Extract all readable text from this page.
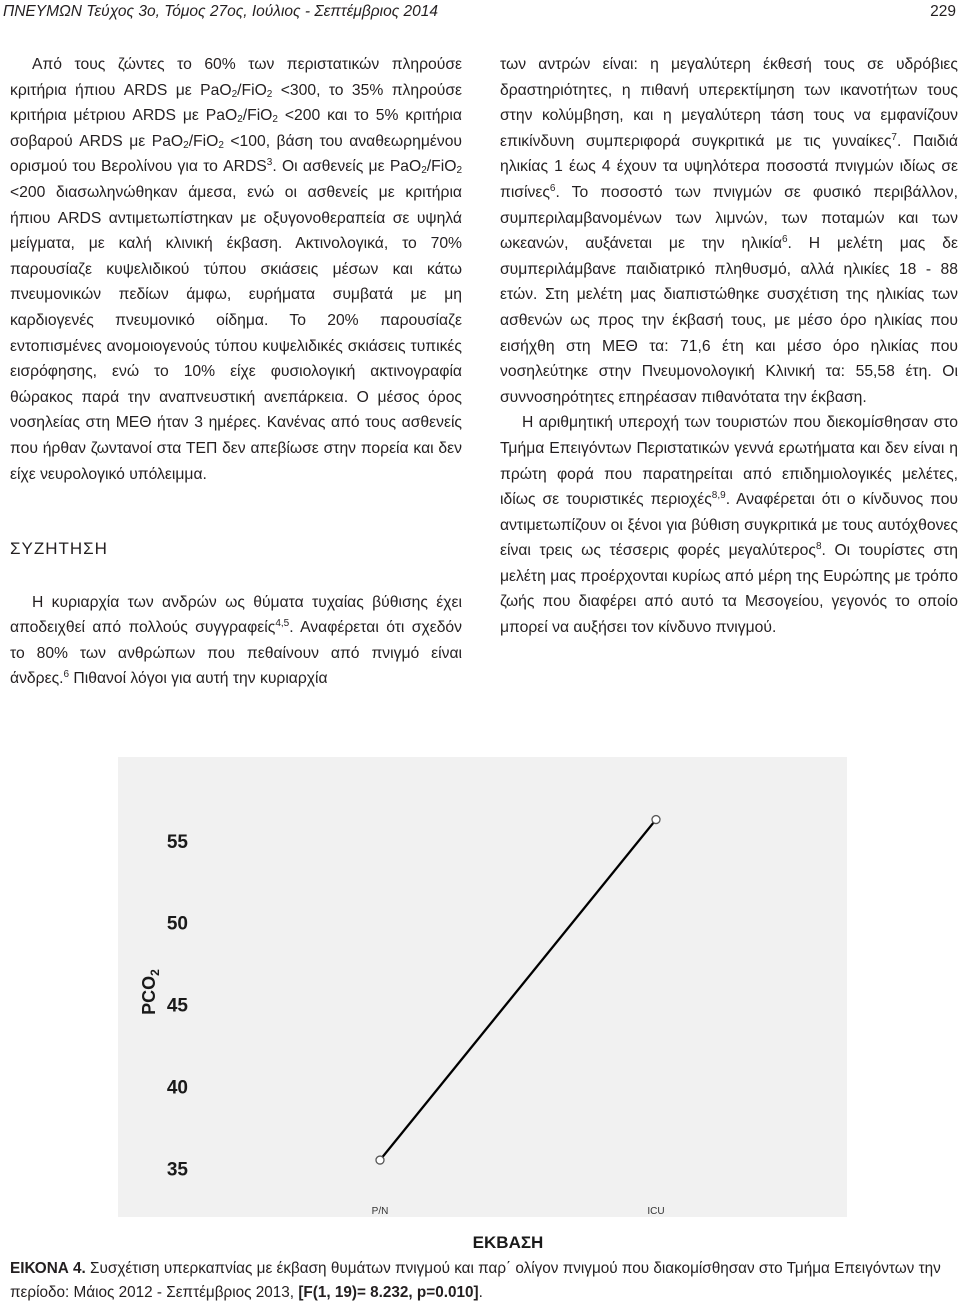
ΠΝΕΥΜΩΝ Τεύχος 3ο, Τόμος 27ος, Ιούλιος - Σεπτέμβριος 2014	229

Από τους ζώντες το 60% των περιστατικών πληρούσε κριτήρια ήπιου ARDS με PaO$_2$/FiO$_2$ <300, το 35% πληρούσε κριτήρια μέτριου ARDS με PaO$_2$/FiO$_2$ <200 και το 5% κριτήρια σοβαρού ARDS με PaO$_2$/FiO$_2$ <100, βάση του αναθεωρημένου ορισμού του Βερολίνου για το ARDS$^3$. Οι ασθενείς με PaO$_2$/FiO$_2$ <200 διασωληνώθηκαν άμεσα, ενώ οι ασθενείς με κριτήρια ήπιου ARDS αντιμετωπίστηκαν με οξυγονοθεραπεία σε υψηλά μείγματα, με καλή κλινική έκβαση. Ακτινολογικά, το 70% παρουσίαζε κυψελιδικού τύπου σκιάσεις μέσων και κάτω πνευμονικών πεδίων άμφω, ευρήματα συμβατά με μη καρδιογενές πνευμονικό οίδημα. Το 20% παρουσίαζε εντοπισμένες ανομοιογενούς τύπου κυψελιδικές σκιάσεις τυπικές εισρόφησης, ενώ το 10% είχε φυσιολογική ακτινογραφία θώρακος παρά την αναπνευστική ανεπάρκεια. Ο μέσος όρος νοσηλείας στη ΜΕΘ ήταν 3 ημέρες. Κανένας από τους ασθενείς που ήρθαν ζωντανοί στα ΤΕΠ δεν απεβίωσε στην πορεία και δεν είχε νευρολογικό υπόλειμμα.

ΣΥΖΗΤΗΣΗ

Η κυριαρχία των ανδρών ως θύματα τυχαίας βύθισης έχει αποδειχθεί από πολλούς συγγραφείς$^{4,5}$. Αναφέρεται ότι σχεδόν το 80% των ανθρώπων που πεθαίνουν από πνιγμό είναι άνδρες.$^6$ Πιθανοί λόγοι για αυτή την κυριαρχία

των αντρών είναι: η μεγαλύτερη έκθεσή τους σε υδρόβιες δραστηριότητες, η πιθανή υπερεκτίμηση των ικανοτήτων τους στην κολύμβηση, και η μεγαλύτερη τάση τους να εμφανίζουν επικίνδυνη συμπεριφορά συγκριτικά με τις γυναίκες$^7$. Παιδιά ηλικίας 1 έως 4 έχουν τα υψηλότερα ποσοστά πνιγμών ιδίως σε πισίνες$^6$. Το ποσοστό των πνιγμών σε φυσικό περιβάλλον, συμπεριλαμβανομένων των λιμνών, των ποταμών και των ωκεανών, αυξάνεται με την ηλικία$^6$. Η μελέτη μας δε συμπεριλάμβανε παιδιατρικό πληθυσμό, αλλά ηλικίες 18 - 88 ετών. Στη μελέτη μας διαπιστώθηκε συσχέτιση της ηλικίας των ασθενών ως προς την έκβασή τους, με μέσο όρο ηλικίας που εισήχθη στη ΜΕΘ τα: 71,6 έτη και μέσο όρο ηλικίας που νοσηλεύτηκε στην Πνευμονολογική Κλινική τα: 55,58 έτη. Οι συννοσηρότητες επηρέασαν πιθανότατα την έκβαση.

Η αριθμητική υπεροχή των τουριστών που διεκομίσθησαν στο Τμήμα Επειγόντων Περιστατικών γεννά ερωτήματα και δεν είναι η πρώτη φορά που παρατηρείται από επιδημιολογικές μελέτες, ιδίως σε τουριστικές περιοχές$^{8,9}$. Αναφέρεται ότι ο κίνδυνος που αντιμετωπίζουν οι ξένοι για βύθιση συγκριτικά με τους αυτόχθονες είναι τρεις ως τέσσερις φορές μεγαλύτερος$^8$. Οι τουρίστες στη μελέτη μας προέρχονται κυρίως από μέρη της Ευρώπης με τρόπο ζωής που διαφέρει από αυτό τα Μεσογείου, γεγονός το οποίο μπορεί να αυξήσει τον κίνδυνο πνιγμού.

35
40
45
50
55
P/N	ICU
$PCO_2$
ΕΚΒΑΣΗ
ΕΙΚΟΝΑ 4. Συσχέτιση υπερκαπνίας με έκβαση θυμάτων πνιγμού και παρ΄ ολίγον πνιγμού που διακομίσθησαν στο Τμήμα Επειγόντων την περίοδο: Μάιος 2012 - Σεπτέμβριος 2013, [F(1, 19)= 8.232, p=0.010].
